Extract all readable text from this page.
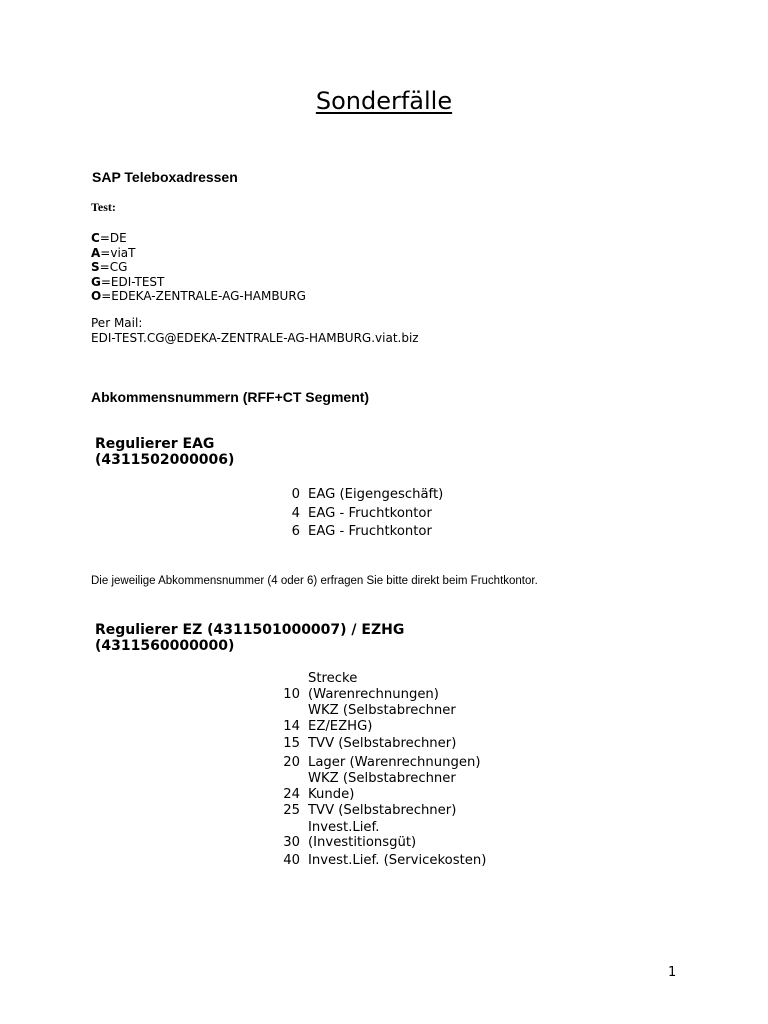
Sonderfälle
SAP Teleboxadressen
Test:
C=DE
A=viaT
S=CG
G=EDI-TEST
O=EDEKA-ZENTRALE-AG-HAMBURG
Per Mail:
EDI-TEST.CG@EDEKA-ZENTRALE-AG-HAMBURG.viat.biz
Abkommensnummern (RFF+CT Segment)
Regulierer EAG
(4311502000006)
0 EAG (Eigengeschäft)
4 EAG - Fruchtkontor
6 EAG - Fruchtkontor
Die jeweilige Abkommensnummer (4 oder 6) erfragen Sie bitte direkt beim Fruchtkontor.
Regulierer EZ (4311501000007) / EZHG
(4311560000000)
10
Strecke (Warenrechnungen)
14
WKZ (Selbstabrechner EZ/EZHG)
15 TVV (Selbstabrechner)
20 Lager (Warenrechnungen)
24
WKZ (Selbstabrechner Kunde)
25 TVV (Selbstabrechner)
30
Invest.Lief. (Investitionsgüt)
40 Invest.Lief. (Servicekosten)
1
